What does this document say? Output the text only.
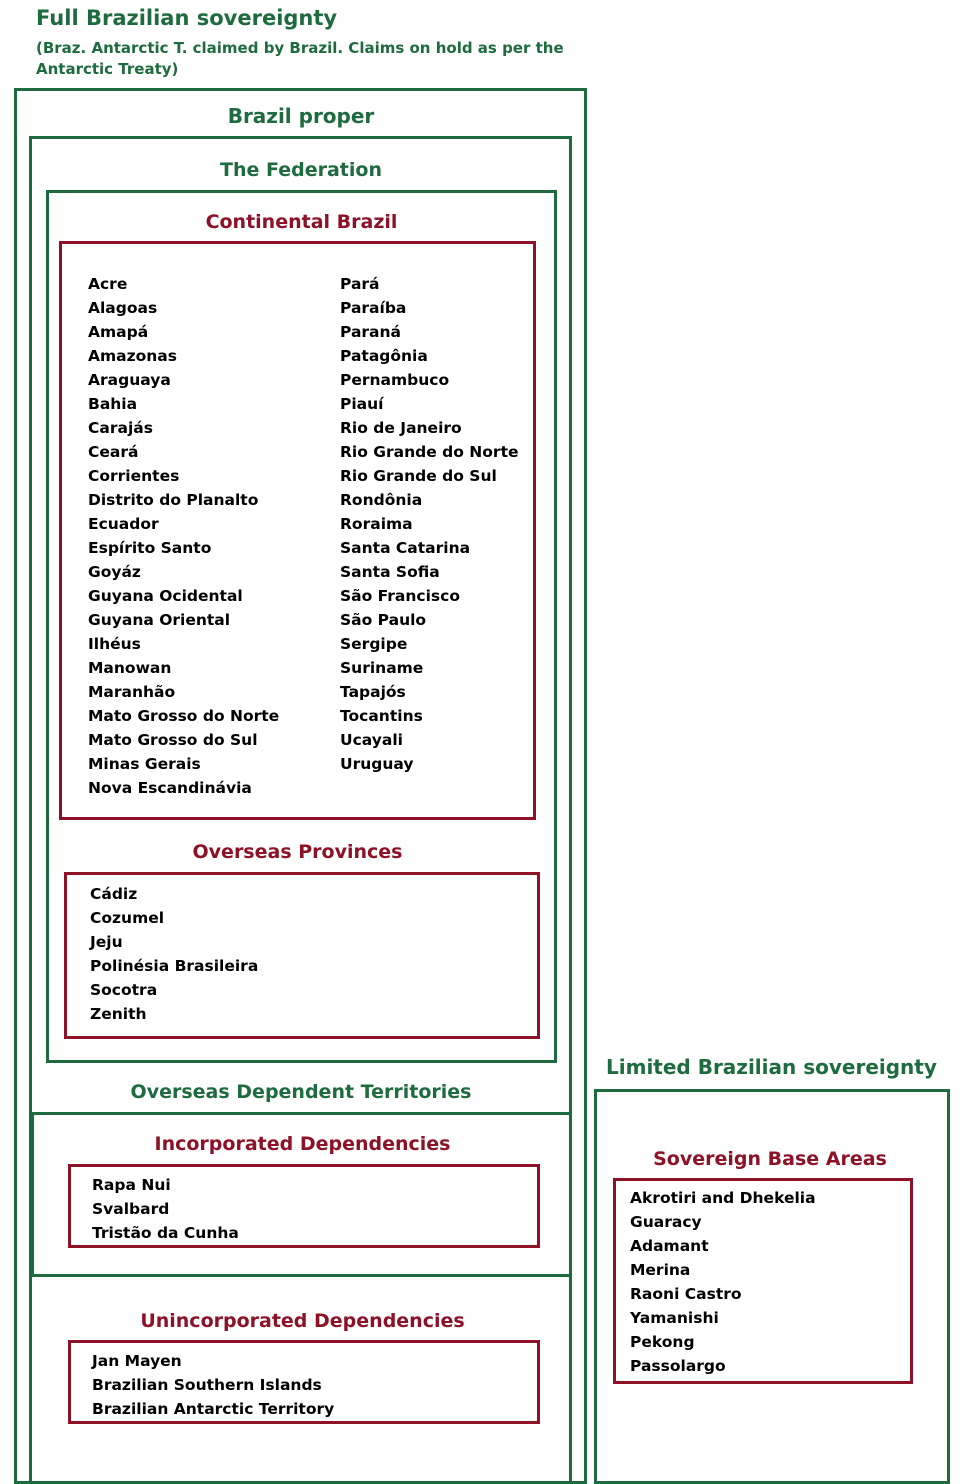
Full Brazilian sovereignty
(Braz. Antarctic T. claimed by Brazil. Claims on hold as per the Antarctic Treaty)
Brazil proper
The Federation
Continental Brazil
Acre
Alagoas
Amapá
Amazonas
Araguaya
Bahia
Carajás
Ceará
Corrientes
Distrito do Planalto
Ecuador
Espírito Santo
Goyáz
Guyana Ocidental
Guyana Oriental
Ilhéus
Manowan
Maranhão
Mato Grosso do Norte
Mato Grosso do Sul
Minas Gerais
Nova Escandinávia
Pará
Paraíba
Paraná
Patagônia
Pernambuco
Piauí
Rio de Janeiro
Rio Grande do Norte
Rio Grande do Sul
Rondônia
Roraima
Santa Catarina
Santa Sofia
São Francisco
São Paulo
Sergipe
Suriname
Tapajós
Tocantins
Ucayali
Uruguay
Overseas Provinces
Cádiz
Cozumel
Jeju
Polinésia Brasileira
Socotra
Zenith
Overseas Dependent Territories
Incorporated Dependencies
Rapa Nui
Svalbard
Tristão da Cunha
Unincorporated Dependencies
Jan Mayen
Brazilian Southern Islands
Brazilian Antarctic Territory
Limited Brazilian sovereignty
Sovereign Base Areas
Akrotiri and Dhekelia
Guaracy
Adamant
Merina
Raoni Castro
Yamanishi
Pekong
Passolargo
